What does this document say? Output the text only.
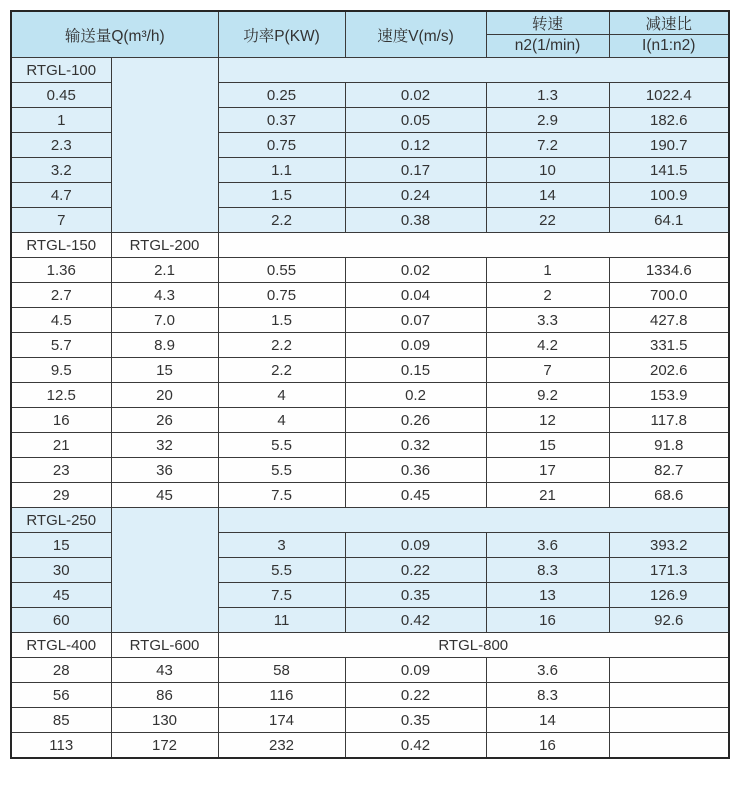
输送量Q(m³/h)		功率P(KW)	速度V(m/s)	转速	减速比
				n2(1/min)	I(n1:n2)
RTGL-100					
0.45		0.25	0.02	1.3	1022.4
1		0.37	0.05	2.9	182.6
2.3		0.75	0.12	7.2	190.7
3.2		1.1	0.17	10	141.5
4.7		1.5	0.24	14	100.9
7		2.2	0.38	22	64.1
RTGL-150	RTGL-200				
1.36	2.1	0.55	0.02	1	1334.6
2.7	4.3	0.75	0.04	2	700.0
4.5	7.0	1.5	0.07	3.3	427.8
5.7	8.9	2.2	0.09	4.2	331.5
9.5	15	2.2	0.15	7	202.6
12.5	20	4	0.2	9.2	153.9
16	26	4	0.26	12	117.8
21	32	5.5	0.32	15	91.8
23	36	5.5	0.36	17	82.7
29	45	7.5	0.45	21	68.6
RTGL-250					
15		3	0.09	3.6	393.2
30		5.5	0.22	8.3	171.3
45		7.5	0.35	13	126.9
60		11	0.42	16	92.6
RTGL-400	RTGL-600	RTGL-800			
28	43	58	0.09	3.6	
56	86	116	0.22	8.3	
85	130	174	0.35	14	
113	172	232	0.42	16	
